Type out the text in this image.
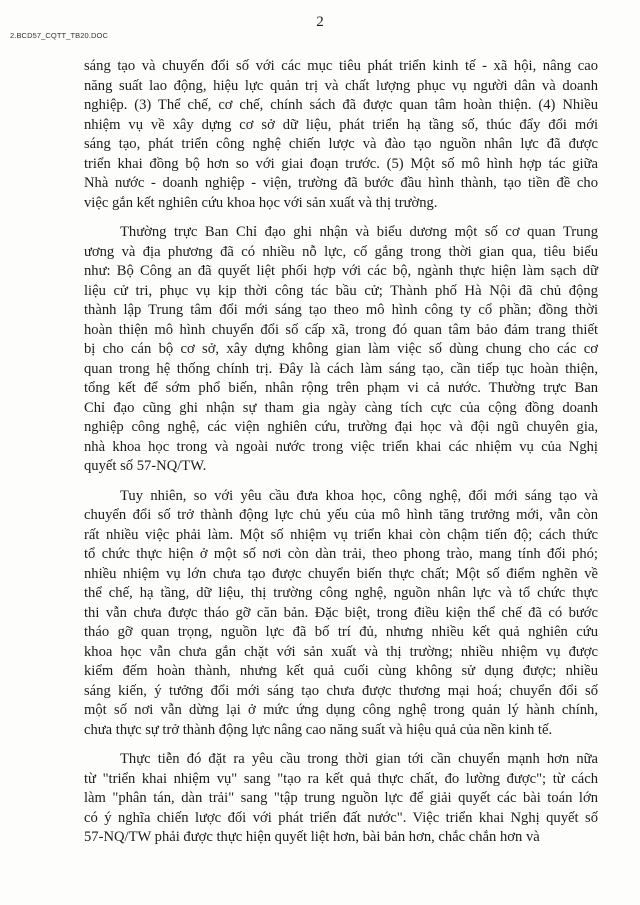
2.BCD57_CQTT_TB20.DOC
2

sáng tạo và chuyển đổi số với các mục tiêu phát triển kinh tế - xã hội, nâng cao
năng suất lao động, hiệu lực quản trị và chất lượng phục vụ người dân và doanh
nghiệp. (3) Thể chế, cơ chế, chính sách đã được quan tâm hoàn thiện. (4) Nhiều
nhiệm vụ về xây dựng cơ sở dữ liệu, phát triển hạ tầng số, thúc đẩy đổi mới
sáng tạo, phát triển công nghệ chiến lược và đào tạo nguồn nhân lực đã được
triển khai đồng bộ hơn so với giai đoạn trước. (5) Một số mô hình hợp tác giữa
Nhà nước - doanh nghiệp - viện, trường đã bước đầu hình thành, tạo tiền đề cho
việc gắn kết nghiên cứu khoa học với sản xuất và thị trường.

Thường trực Ban Chỉ đạo ghi nhận và biểu dương một số cơ quan Trung
ương và địa phương đã có nhiều nỗ lực, cố gắng trong thời gian qua, tiêu biểu
như: Bộ Công an đã quyết liệt phối hợp với các bộ, ngành thực hiện làm sạch dữ
liệu cử tri, phục vụ kịp thời công tác bầu cử; Thành phố Hà Nội đã chủ động
thành lập Trung tâm đổi mới sáng tạo theo mô hình công ty cổ phần; đồng thời
hoàn thiện mô hình chuyển đổi số cấp xã, trong đó quan tâm bảo đảm trang thiết
bị cho cán bộ cơ sở, xây dựng không gian làm việc số dùng chung cho các cơ
quan trong hệ thống chính trị. Đây là cách làm sáng tạo, cần tiếp tục hoàn thiện,
tổng kết để sớm phổ biến, nhân rộng trên phạm vi cả nước. Thường trực Ban
Chỉ đạo cũng ghi nhận sự tham gia ngày càng tích cực của cộng đồng doanh
nghiệp công nghệ, các viện nghiên cứu, trường đại học và đội ngũ chuyên gia,
nhà khoa học trong và ngoài nước trong việc triển khai các nhiệm vụ của Nghị
quyết số 57-NQ/TW.

Tuy nhiên, so với yêu cầu đưa khoa học, công nghệ, đổi mới sáng tạo và
chuyển đổi số trở thành động lực chủ yếu của mô hình tăng trưởng mới, vẫn còn
rất nhiều việc phải làm. Một số nhiệm vụ triển khai còn chậm tiến độ; cách thức
tổ chức thực hiện ở một số nơi còn dàn trải, theo phong trào, mang tính đối phó;
nhiều nhiệm vụ lớn chưa tạo được chuyển biến thực chất; Một số điểm nghẽn về
thể chế, hạ tầng, dữ liệu, thị trường công nghệ, nguồn nhân lực và tổ chức thực
thi vẫn chưa được tháo gỡ căn bản. Đặc biệt, trong điều kiện thể chế đã có bước
tháo gỡ quan trọng, nguồn lực đã bố trí đủ, nhưng nhiều kết quả nghiên cứu
khoa học vẫn chưa gắn chặt với sản xuất và thị trường; nhiều nhiệm vụ được
kiểm đếm hoàn thành, nhưng kết quả cuối cùng không sử dụng được; nhiều
sáng kiến, ý tưởng đổi mới sáng tạo chưa được thương mại hoá; chuyển đổi số
một số nơi vẫn dừng lại ở mức ứng dụng công nghệ trong quản lý hành chính,
chưa thực sự trở thành động lực nâng cao năng suất và hiệu quả của nền kinh tế.

Thực tiễn đó đặt ra yêu cầu trong thời gian tới cần chuyển mạnh hơn nữa
từ "triển khai nhiệm vụ" sang "tạo ra kết quả thực chất, đo lường được"; từ cách
làm "phân tán, dàn trải" sang "tập trung nguồn lực để giải quyết các bài toán lớn
có ý nghĩa chiến lược đối với phát triển đất nước". Việc triển khai Nghị quyết số
57-NQ/TW phải được thực hiện quyết liệt hơn, bài bản hơn, chắc chắn hơn và
